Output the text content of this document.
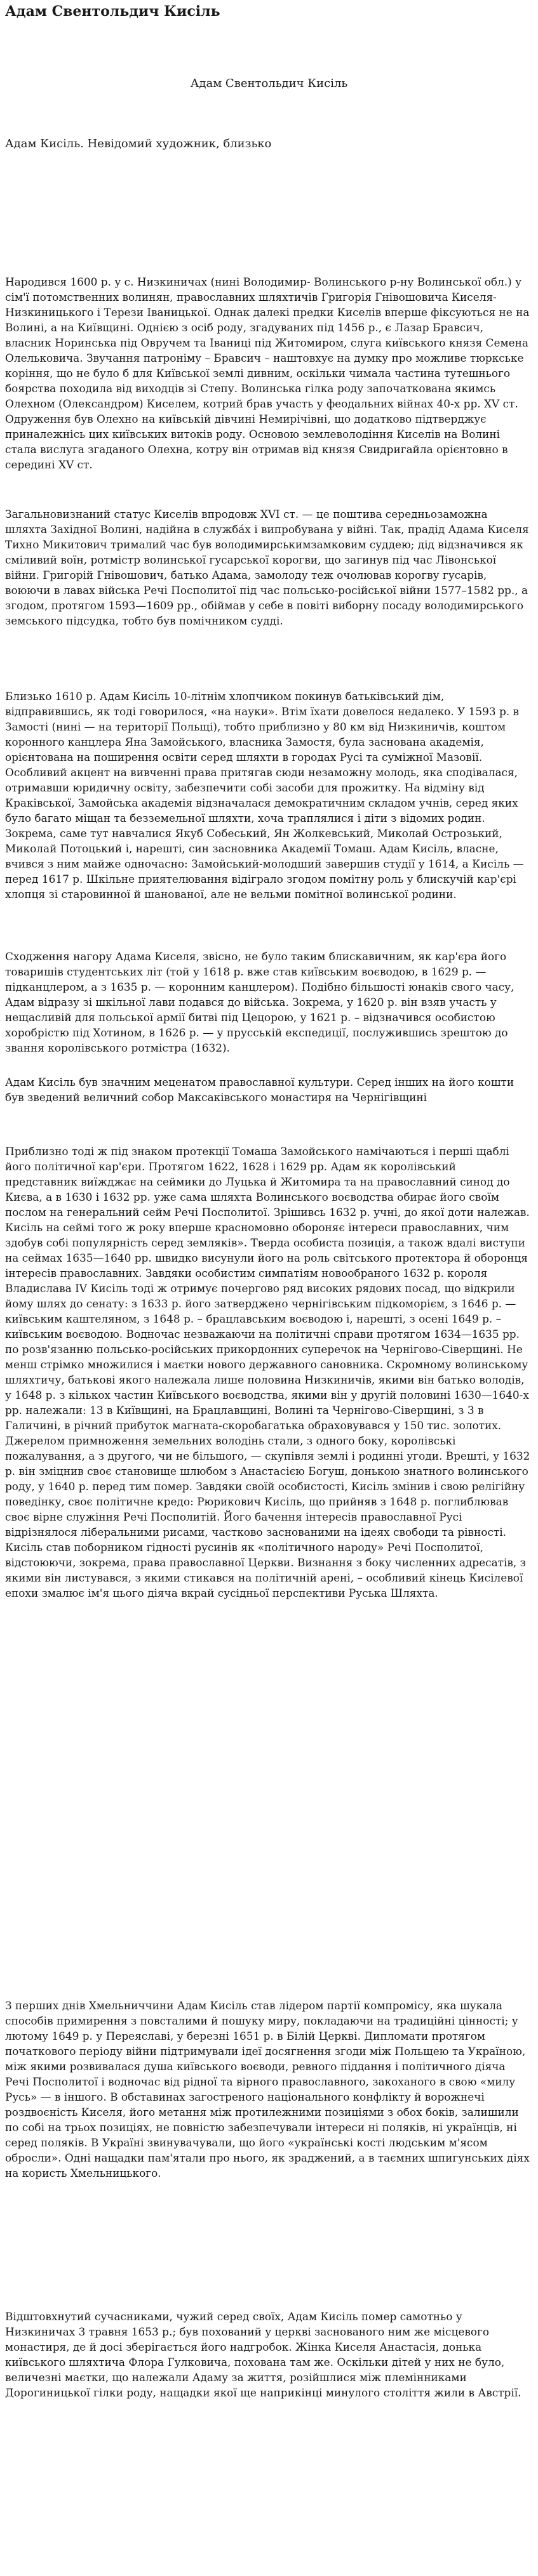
Адам Свентольдич Кисіль
Адам Свентольдич Кисіль
Адам Кисіль. Невідомий художник, близько

Народився 1600 р. у с. Низкиничах (нині Володимир- Волинського р-ну Волинської обл.) у сім'ї потомственних волинян, православних шляхтичів Григорія Гнівошовича Киселя-Низкиницького і Терези Іваницької. Однак далекі предки Киселів вперше фіксуються не на Волині, а на Київщині. Однією з осіб роду, згадуваних під 1456 р., є Лазар Бравсич, власник Норинська під Овручем та Іваниці під Житомиром, слуга київського князя Семена Олельковича. Звучання патроніму – Бравсич – наштовхує на думку про можливе тюркське коріння, що не було б для Київської землі дивним, оскільки чимала частина тутешнього боярства походила від виходців зі Степу. Волинська гілка роду започаткована якимсь Олехном (Олександром) Киселем, котрий брав участь у феодальних війнах 40-х рр. XV ст. Одруження був Олехно на київській дівчині Немирічівні, що додатково підтверджує приналежнісь цих київських витоків роду. Основою землеволодіння Киселів на Волині стала вислуга згаданого Олехна, котру він отримав від князя Свидригайла орієнтовно в середині XV ст.

Загальновизнаний статус Киселів впродовж XVI ст. — це поштива середньозаможна шляхта Західної Волині, надійна в служба́х і випробувана у війні. Так, прадід Адама Киселя Тихно Микитович трималий час був володимирськимзамковим суддею; дід відзначився як сміливий воїн, ротмістр волинської гусарської корогви, що загинув під час Лівонської війни. Григорій Гнівошович, батько Адама, замолоду теж очолював корогву гусарів, воюючи в лавах війська Речі Посполитої під час польсько-російської війни 1577–1582 рр., а згодом, протягом 1593—1609 рр., обіймав у себе в повіті виборну посаду володимирського земського підсудка, тобто був помічником судді.

Близько 1610 р. Адам Кисіль 10-літнім хлопчиком покинув батьківський дім, відправившись, як тоді говорилося, «на науки». Втім їхати довелося недалеко. У 1593 р. в Замості (нині — на території Польщі), тобто приблизно у 80 км від Низкиничів, коштом коронного канцлера Яна Замойського, власника Замостя, була заснована академія, орієнтована на поширення освіти серед шляхти в городах Русі та суміжної Мазовії. Особливий акцент на вивченні права притягав сюди незаможну молодь, яка сподівалася, отримавши юридичну освіту, забезпечити собі засоби для прожитку. На відміну від Краківської, Замойська академія відзначалася демократичним складом учнів, серед яких було багато міщан та безземельної шляхти, хоча траплялися і діти з відомих родин. Зокрема, саме тут навчалися Якуб Собеський, Ян Жолкевський, Миколай Острозький, Миколай Потоцький і, нарешті, син засновника Академії Томаш. Адам Кисіль, власне, вчився з ним майже одночасно: Замойський-молодший завершив студії у 1614, а Кисіль — перед 1617 р. Шкільне приятелювання відіграло згодом помітну роль у блискучій кар'єрі хлопця зі старовинної й шанованої, але не вельми помітної волинської родини.

Сходження нагору Адама Киселя, звісно, не було таким блискавичним, як кар'єра його товаришів студентських літ (той у 1618 р. вже став київським воєводою, в 1629 р. — підканцлером, а з 1635 р. — коронним канцлером). Подібно більшості юнаків свого часу, Адам відразу зі шкільної лави подався до війська. Зокрема, у 1620 р. він взяв участь у нещасливій для польської армії битві під Цецорою, у 1621 р. – відзначився особистою хоробрістю під Хотином, в 1626 р. — у прусській експедиції, послужившись зрештою до звання королівського ротмістра (1632).

Адам Кисіль був значним меценатом православної культури. Серед інших на його кошти був зведений величний собор Максаківського монастиря на Чернігівщині

Приблизно тоді ж під знаком протекції Томаша Замойського намічаються і перші щаблі його політичної кар'єри. Протягом 1622, 1628 і 1629 рр. Адам як королівський представник виїжджає на сеймики до Луцька й Житомира та на православний синод до Києва, а в 1630 і 1632 рр. уже сама шляхта Волинського воєводства обирає його своїм послом на генеральний сейм Речі Посполитої. Зрішивсь 1632 р. учні, до якої доти належав. Кисіль на сеймі того ж року вперше красномовно обороняє інтереси православних, чим здобув собі популярність серед земляків». Тверда особиста позиція, а також вдалі виступи на сеймах 1635—1640 рр. швидко висунули його на роль світського протектора й оборонця інтересів православних. Завдяки особистим симпатіям новообраного 1632 р. короля Владислава IV Кисіль тоді ж отримує почергово ряд високих рядових посад, що відкрили йому шлях до сенату: з 1633 р. його затверджено чернігівським підкоморієм, з 1646 р. — київським каштеляном, з 1648 р. – брацлавським воєводою і, нарешті, з осені 1649 р. – київським воєводою. Водночас незважаючи на політичні справи протягом 1634—1635 рр. по розв'язанню польсько-російських прикордонних суперечок на Чернігово-Сіверщині. Не менш стрімко множилися і маєтки нового державного сановника. Скромному волинському шляхтичу, батькові якого належала лише половина Низкиничів, якими він батько володів, у 1648 р. з кількох частин Київського воєводства, якими він у другій половині 1630—1640-х рр. належали: 13 в Київщині, на Брацлавщині, Волині та Чернігово-Сіверщині, з 3 в Галичині, в річний прибуток магната-скоробагатька обраховувався у 150 тис. золотих. Джерелом примноження земельних володінь стали, з одного боку, королівські пожалування, а з другого, чи не більшого, — скупівля землі і родинні угоди. Врешті, у 1632 р. він зміцнив своє становище шлюбом з Анастасією Богуш, донькою знатного волинського роду, у 1640 р. перед тим помер. Завдяки своїй особистості, Кисіль змінив і свою релігійну поведінку, своє політичне кредо: Рюрикович Кисіль, що прийняв з 1648 р. поглиблював своє вірне служіння Речі Посполитій. Його бачення інтересів православної Русі відрізнялося ліберальними рисами, частково заснованими на ідеях свободи та рівності. Кисіль став поборником гідності русинів як «політичного народу» Речі Посполитої, відстоюючи, зокрема, права православної Церкви. Визнання з боку численних адресатів, з якими він листувався, з якими стикався на політичній арені, – особливий кінець Кисілевої епохи змалює ім'я цього діяча вкрай сусідньої перспективи Руська Шляхта.

З перших днів Хмельниччини Адам Кисіль став лідером партії компромісу, яка шукала способів примирення з повсталими й пошуку миру, покладаючи на традиційні цінності; у лютому 1649 р. у Переяславі, у березні 1651 р. в Білій Церкві. Дипломати протягом початкового періоду війни підтримували ідеї досягнення згоди між Польщею та Україною, між якими розвивалася душа київського воєводи, ревного піддання і політичного діяча Речі Посполитої і водночас від рідної та вірного православного, закоханого в свою «милу Русь» — в іншого. В обставинах загостреного національного конфлікту й ворожнечі роздвоєність Киселя, його метання між протилежними позиціями з обох боків, залишили по собі на трьох позиціях, не повністю забезпечували інтереси ні поляків, ні українців, ні серед поляків. В Україні звинувачували, що його «українські кості людським м'ясом обросли». Одні нащадки пам'ятали про нього, як зраджений, а в таємних шпигунських діях на користь Хмельницького.

Відштовхнутий сучасниками, чужий серед своїх, Адам Кисіль помер самотньо у Низкиничах 3 травня 1653 р.; був похований у церкві заснованого ним же місцевого монастиря, де й досі зберігається його надгробок. Жінка Киселя Анастасія, донька київського шляхтича Флора Гулковича, похована там же. Оскільки дітей у них не було, величезні маєтки, що належали Адаму за життя, розійшлися між племінниками Дорогиницької гілки роду, нащадки якої ще наприкінці минулого століття жили в Австрії.
